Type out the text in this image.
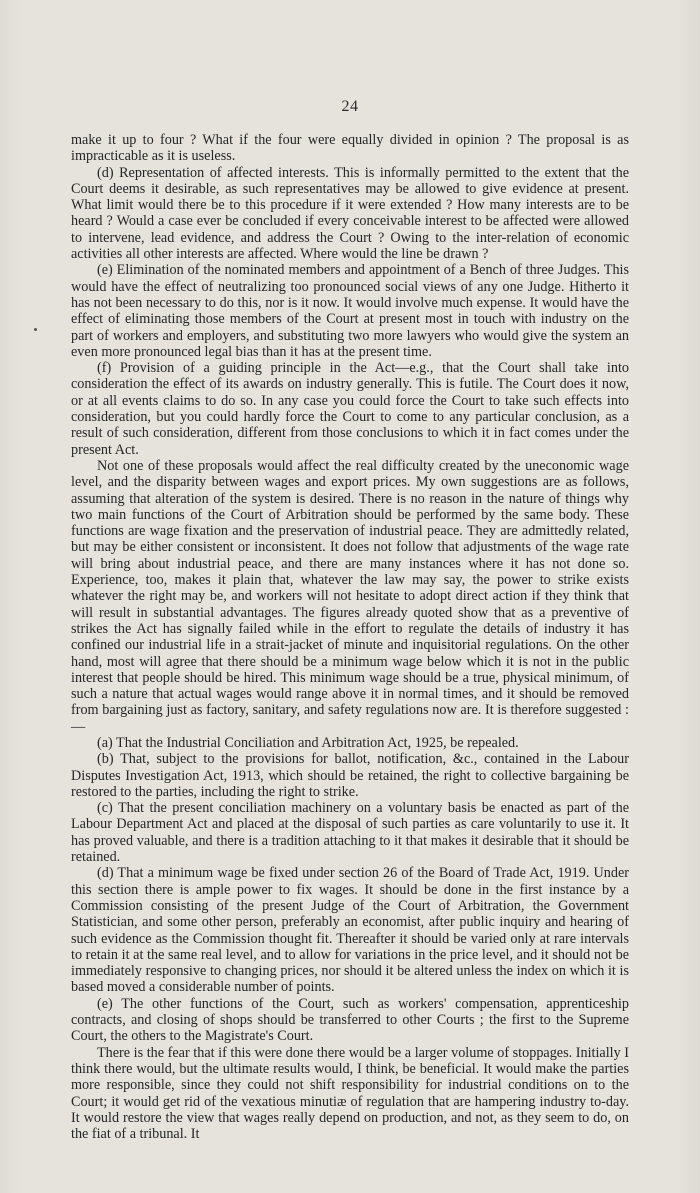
24

make it up to four ? What if the four were equally divided in opinion ? The proposal is as impracticable as it is useless.

(d) Representation of affected interests. This is informally permitted to the extent that the Court deems it desirable, as such representatives may be allowed to give evidence at present. What limit would there be to this procedure if it were extended ? How many interests are to be heard ? Would a case ever be concluded if every conceivable interest to be affected were allowed to intervene, lead evidence, and address the Court ? Owing to the inter-relation of economic activities all other interests are affected. Where would the line be drawn ?

(e) Elimination of the nominated members and appointment of a Bench of three Judges. This would have the effect of neutralizing too pronounced social views of any one Judge. Hitherto it has not been necessary to do this, nor is it now. It would involve much expense. It would have the effect of eliminating those members of the Court at present most in touch with industry on the part of workers and employers, and substituting two more lawyers who would give the system an even more pronounced legal bias than it has at the present time.

(f) Provision of a guiding principle in the Act—e.g., that the Court shall take into consideration the effect of its awards on industry generally. This is futile. The Court does it now, or at all events claims to do so. In any case you could force the Court to take such effects into consideration, but you could hardly force the Court to come to any particular conclusion, as a result of such consideration, different from those conclusions to which it in fact comes under the present Act.

Not one of these proposals would affect the real difficulty created by the uneconomic wage level, and the disparity between wages and export prices. My own suggestions are as follows, assuming that alteration of the system is desired. There is no reason in the nature of things why two main functions of the Court of Arbitration should be performed by the same body. These functions are wage fixation and the preservation of industrial peace. They are admittedly related, but may be either consistent or inconsistent. It does not follow that adjustments of the wage rate will bring about industrial peace, and there are many instances where it has not done so. Experience, too, makes it plain that, whatever the law may say, the power to strike exists whatever the right may be, and workers will not hesitate to adopt direct action if they think that will result in substantial advantages. The figures already quoted show that as a preventive of strikes the Act has signally failed while in the effort to regulate the details of industry it has confined our industrial life in a strait-jacket of minute and inquisitorial regulations. On the other hand, most will agree that there should be a minimum wage below which it is not in the public interest that people should be hired. This minimum wage should be a true, physical minimum, of such a nature that actual wages would range above it in normal times, and it should be removed from bargaining just as factory, sanitary, and safety regulations now are. It is therefore suggested :—

(a) That the Industrial Conciliation and Arbitration Act, 1925, be repealed.

(b) That, subject to the provisions for ballot, notification, &c., contained in the Labour Disputes Investigation Act, 1913, which should be retained, the right to collective bargaining be restored to the parties, including the right to strike.

(c) That the present conciliation machinery on a voluntary basis be enacted as part of the Labour Department Act and placed at the disposal of such parties as care voluntarily to use it. It has proved valuable, and there is a tradition attaching to it that makes it desirable that it should be retained.

(d) That a minimum wage be fixed under section 26 of the Board of Trade Act, 1919. Under this section there is ample power to fix wages. It should be done in the first instance by a Commission consisting of the present Judge of the Court of Arbitration, the Government Statistician, and some other person, preferably an economist, after public inquiry and hearing of such evidence as the Commission thought fit. Thereafter it should be varied only at rare intervals to retain it at the same real level, and to allow for variations in the price level, and it should not be immediately responsive to changing prices, nor should it be altered unless the index on which it is based moved a considerable number of points.

(e) The other functions of the Court, such as workers' compensation, apprenticeship contracts, and closing of shops should be transferred to other Courts ; the first to the Supreme Court, the others to the Magistrate's Court.

There is the fear that if this were done there would be a larger volume of stoppages. Initially I think there would, but the ultimate results would, I think, be beneficial. It would make the parties more responsible, since they could not shift responsibility for industrial conditions on to the Court; it would get rid of the vexatious minutiæ of regulation that are hampering industry to-day. It would restore the view that wages really depend on production, and not, as they seem to do, on the fiat of a tribunal. It
